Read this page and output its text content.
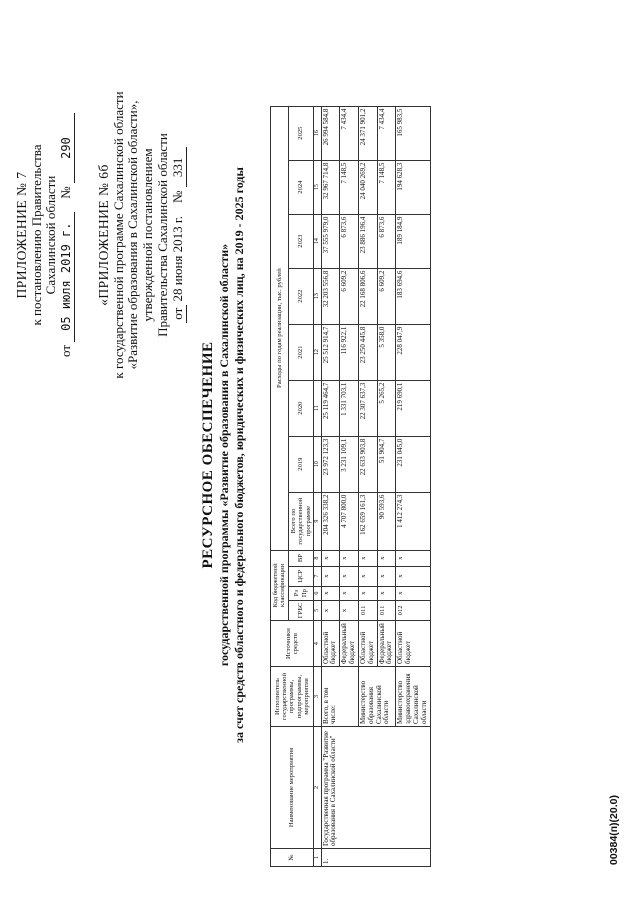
ПРИЛОЖЕНИЕ № 7 к постановлению Правительства Сахалинской области
от 05 июля 2019 г.    № 290
«ПРИЛОЖЕНИЕ № 6б к государственной программе Сахалинской области «Развитие образования в Сахалинской области», утвержденной постановлением Правительства Сахалинской области от 28 июня 2013 г.    № 331
РЕСУРСНОЕ ОБЕСПЕЧЕНИЕ государственной программы «Развитие образования в Сахалинской области» за счет средств областного и федерального бюджетов, юридических и физических лиц, на 2019 - 2025 годы
№	Наименование мероприятия	Исполнитель государственной программы, подпрограммы, мероприятия	Источники средств	Код бюджетной классификации				Расходы по годам реализации, тыс. рублей							
				ГРБС	Рз Пр	ЦСР	ВР	Всего по государственной программе	2019	2020	2021	2022	2023	2024	2025
1	2	3	4	5	6	7	8	9	10	11	12	13	14	15	16
1.	Государственная программа "Развитие образования в Сахалинской области"	Всего, в том числе:	Областной бюджет	x	x	x	x	204 326 338,2	23 972 123,3	25 119 464,7	25 512 914,7	32 203 556,8	37 555 979,0	32 967 714,8	26 994 584,8
			Федеральный бюджет	x	x	x	x	4 707 800,0	3 231 109,1	1 331 703,1	116 922,1	6 609,2	6 873,6	7 148,5	7 434,4
		Министерство образования Сахалинской области	Областной бюджет	011	x	x	x	162 659 161,3	22 633 903,8	22 307 637,3	23 250 445,8	22 168 806,6	23 886 196,4	24 040 269,2	24 371 901,2
			Федеральный бюджет	011	x	x	x	90 593,6	51 904,7	5 265,2	5 358,0	6 609,2	6 873,6	7 148,5	7 434,4
		Министерство здравоохранения Сахалинской области	Областной бюджет	012	x	x	x	1 412 274,3	231 045,0	219 690,1	228 047,9	183 694,6	189 184,9	194 628,3	165 983,5
00384(п)(20.0)
